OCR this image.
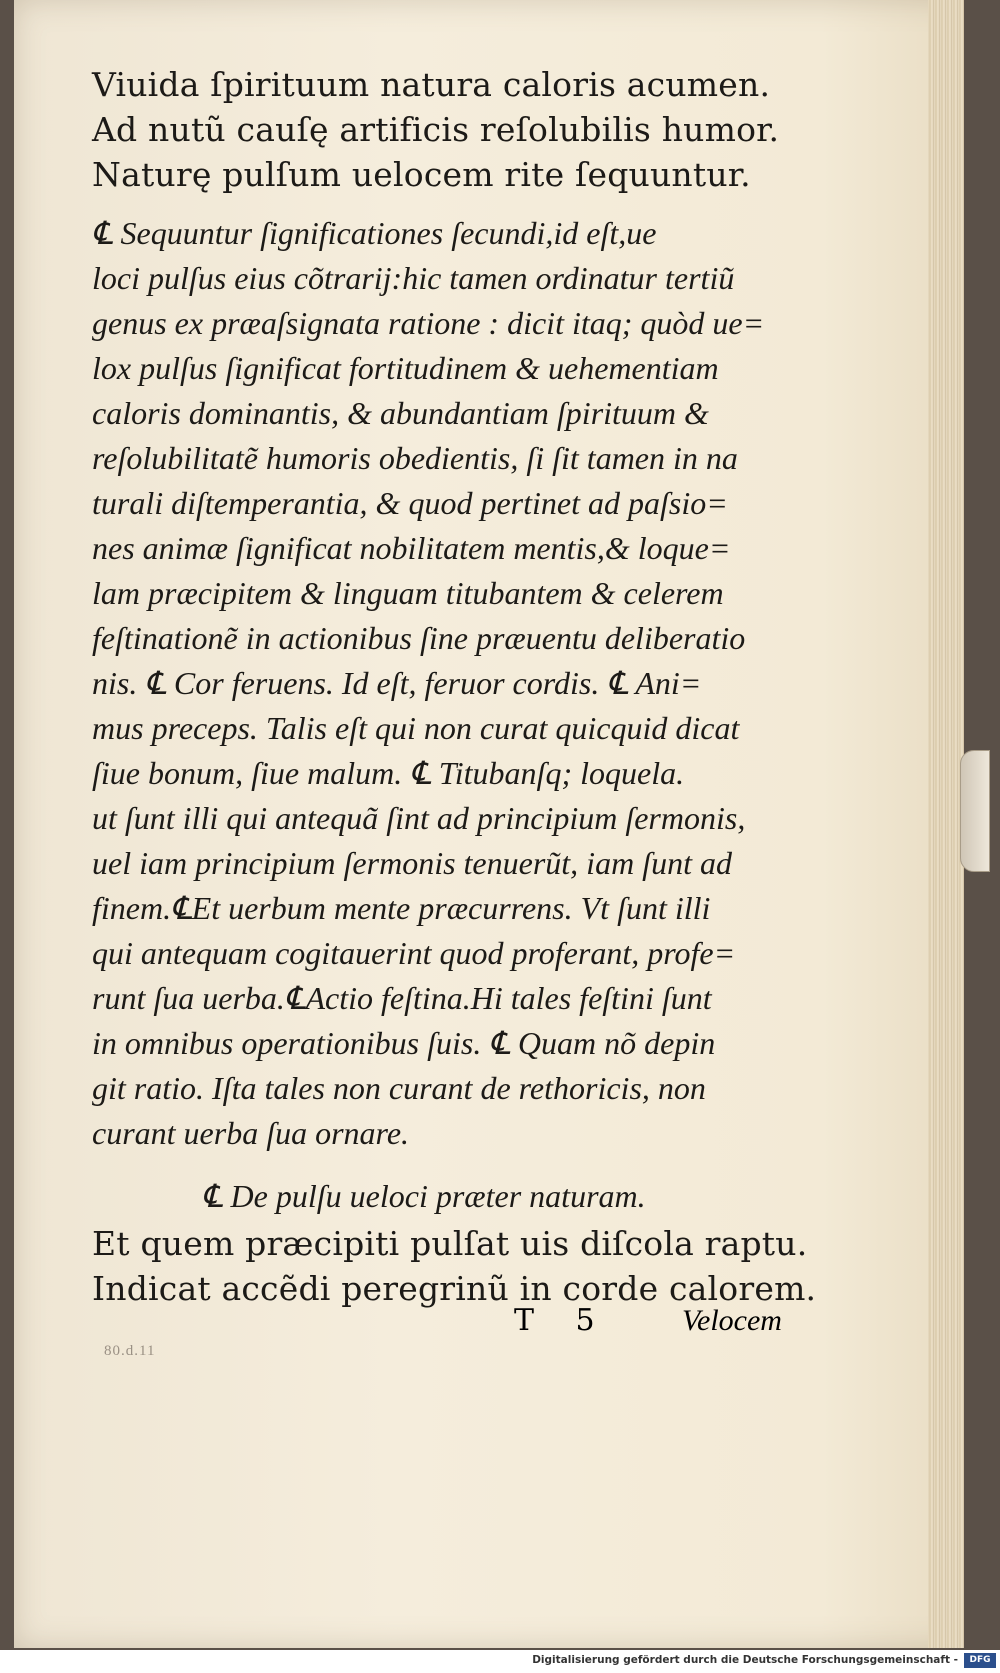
Viuida ſpirituum natura caloris acumen.
Ad nutũ cauſę artificis reſolubilis humor.
Naturę pulſum uelocem rite ſequuntur.
℄ Sequuntur ſignificationes ſecundi,id eſt,ue
loci pulſus eius cõtrarij:hic tamen ordinatur tertiũ
genus ex præaſsignata ratione : dicit itaq; quòd ue=
lox pulſus ſignificat fortitudinem & uehementiam
caloris dominantis, & abundantiam ſpirituum &
reſolubilitatẽ humoris obedientis, ſi ſit tamen in na
turali diſtemperantia, & quod pertinet ad paſsio=
nes animæ ſignificat nobilitatem mentis,& loque=
lam præcipitem & linguam titubantem & celerem
feſtinationẽ in actionibus ſine præuentu deliberatio
nis. ℄ Cor feruens. Id eſt, feruor cordis. ℄ Ani=
mus preceps. Talis eſt qui non curat quicquid dicat
ſiue bonum, ſiue malum. ℄ Titubanſq; loquela.
ut ſunt illi qui antequã ſint ad principium ſermonis,
uel iam principium ſermonis tenuerũt, iam ſunt ad
finem.℄Et uerbum mente præcurrens. Vt ſunt illi
qui antequam cogitauerint quod proferant, profe=
runt ſua uerba.℄Actio feſtina.Hi tales feſtini ſunt
in omnibus operationibus ſuis. ℄ Quam nõ depin
git ratio. Iſta tales non curant de rethoricis, non
curant uerba ſua ornare.
℄ De pulſu ueloci præter naturam.
Et quem præcipiti pulſat uis diſcola raptu.
Indicat accẽdi peregrinũ in corde calorem.
T 5 Velocem
80.d.11
Digitalisierung gefördert durch die Deutsche Forschungsgemeinschaft -	DFG
